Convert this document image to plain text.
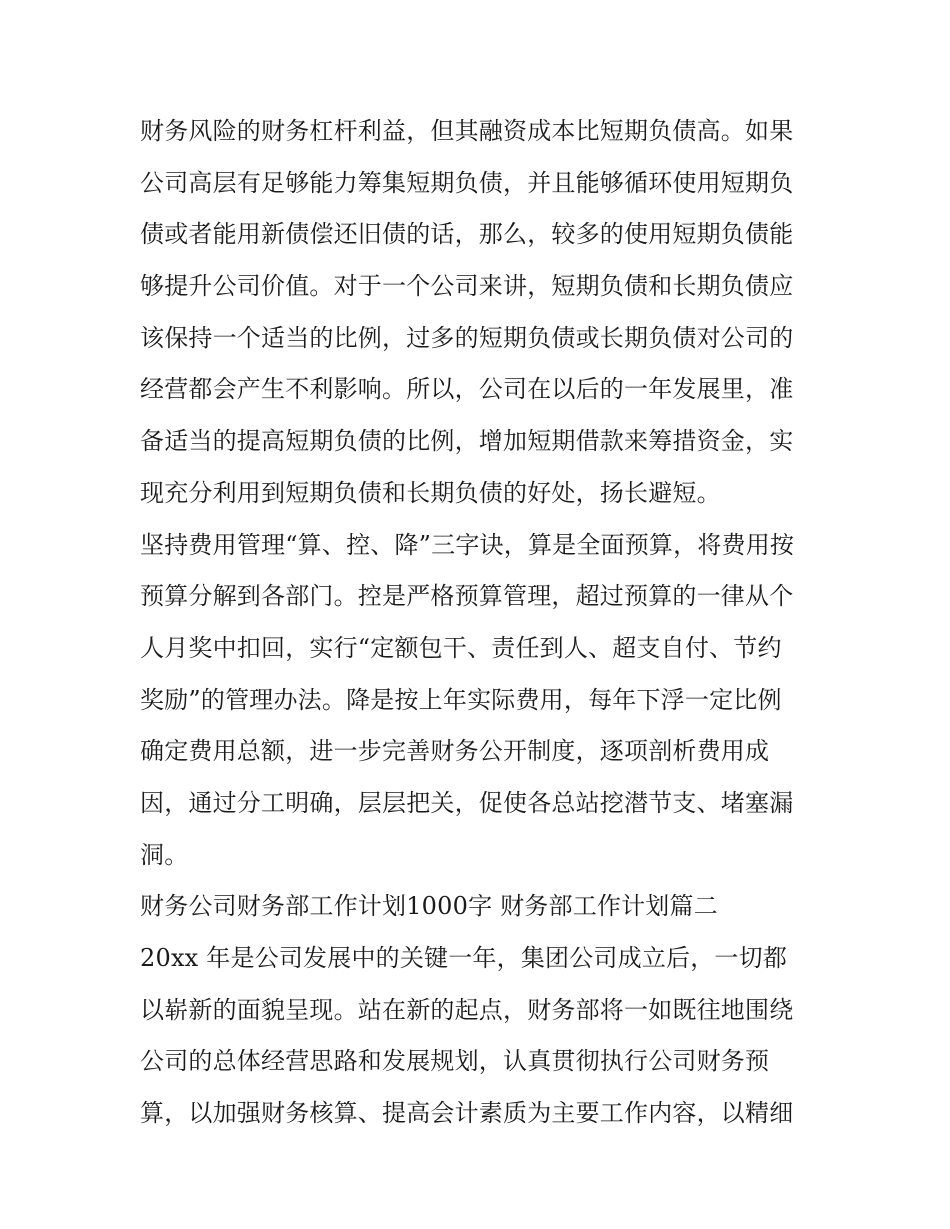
财务风险的财务杠杆利益，但其融资成本比短期负债高。如果
公司高层有足够能力筹集短期负债，并且能够循环使用短期负
债或者能用新债偿还旧债的话，那么，较多的使用短期负债能
够提升公司价值。对于一个公司来讲，短期负债和长期负债应
该保持一个适当的比例，过多的短期负债或长期负债对公司的
经营都会产生不利影响。所以，公司在以后的一年发展里，准
备适当的提高短期负债的比例，增加短期借款来筹措资金，实
现充分利用到短期负债和长期负债的好处，扬长避短。
坚持费用管理“算、控、降”三字诀，算是全面预算，将费用按
预算分解到各部门。控是严格预算管理，超过预算的一律从个
人月奖中扣回，实行“定额包干、责任到人、超支自付、节约
奖励”的管理办法。降是按上年实际费用，每年下浮一定比例
确定费用总额，进一步完善财务公开制度，逐项剖析费用成
因，通过分工明确，层层把关，促使各总站挖潜节支、堵塞漏
洞。
财务公司财务部工作计划1000字 财务部工作计划篇二
20xx 年是公司发展中的关键一年，集团公司成立后，一切都
以崭新的面貌呈现。站在新的起点，财务部将一如既往地围绕
公司的总体经营思路和发展规划，认真贯彻执行公司财务预
算，以加强财务核算、提高会计素质为主要工作内容，以精细
